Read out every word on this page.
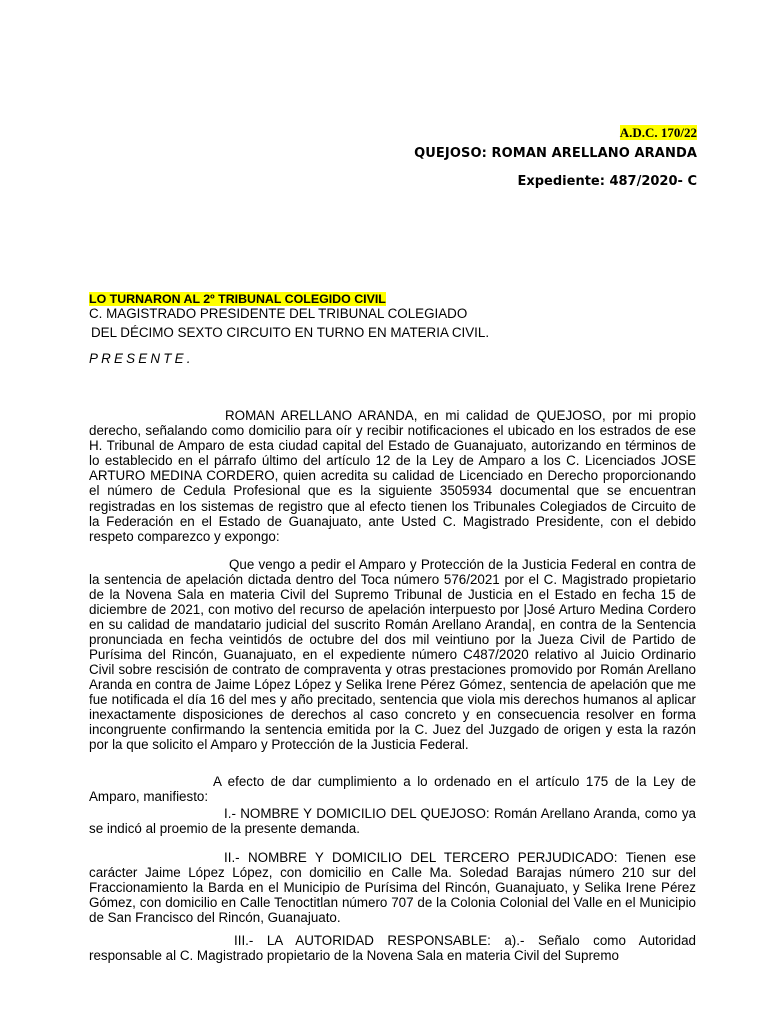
A.D.C. 170/22
QUEJOSO: ROMAN ARELLANO ARANDA
Expediente: 487/2020- C
LO TURNARON AL 2º TRIBUNAL COLEGIDO CIVIL
C. MAGISTRADO PRESIDENTE DEL TRIBUNAL COLEGIADO
DEL DÉCIMO SEXTO CIRCUITO EN TURNO EN MATERIA CIVIL.
PRESENTE.

ROMAN ARELLANO ARANDA, en mi calidad de QUEJOSO, por mi propio derecho, señalando como domicilio para oír y recibir notificaciones el ubicado en los estrados de ese H. Tribunal de Amparo de esta ciudad capital del Estado de Guanajuato, autorizando en términos de lo establecido en el párrafo último del artículo 12 de la Ley de Amparo a los C. Licenciados JOSE ARTURO MEDINA CORDERO, quien acredita su calidad de Licenciado en Derecho proporcionando el número de Cedula Profesional que es la siguiente 3505934 documental que se encuentran registradas en los sistemas de registro que al efecto tienen los Tribunales Colegiados de Circuito de la Federación en el Estado de Guanajuato, ante Usted C. Magistrado Presidente, con el debido respeto comparezco y expongo:

Que vengo a pedir el Amparo y Protección de la Justicia Federal en contra de la sentencia de apelación dictada dentro del Toca número 576/2021 por el C. Magistrado propietario de la Novena Sala en materia Civil del Supremo Tribunal de Justicia en el Estado en fecha 15 de diciembre de 2021, con motivo del recurso de apelación interpuesto por |José Arturo Medina Cordero en su calidad de mandatario judicial del suscrito Román Arellano Aranda|, en contra de la Sentencia pronunciada en fecha veintidós de octubre del dos mil veintiuno por la Jueza Civil de Partido de Purísima del Rincón, Guanajuato, en el expediente número C487/2020 relativo al Juicio Ordinario Civil sobre rescisión de contrato de compraventa y otras prestaciones promovido por Román Arellano Aranda en contra de Jaime López López y Selika Irene Pérez Gómez, sentencia de apelación que me fue notificada el día 16 del mes y año precitado, sentencia que viola mis derechos humanos al aplicar inexactamente disposiciones de derechos al caso concreto y en consecuencia resolver en forma incongruente confirmando la sentencia emitida por la C. Juez del Juzgado de origen y esta la razón por la que solicito el Amparo y Protección de la Justicia Federal.

A efecto de dar cumplimiento a lo ordenado en el artículo 175 de la Ley de Amparo, manifiesto:

I.- NOMBRE Y DOMICILIO DEL QUEJOSO: Román Arellano Aranda, como ya se indicó al proemio de la presente demanda.

II.- NOMBRE Y DOMICILIO DEL TERCERO PERJUDICADO: Tienen ese carácter Jaime López López, con domicilio en Calle Ma. Soledad Barajas número 210 sur del Fraccionamiento la Barda en el Municipio de Purísima del Rincón, Guanajuato, y Selika Irene Pérez Gómez, con domicilio en Calle Tenoctitlan número 707 de la Colonia Colonial del Valle en el Municipio de San Francisco del Rincón, Guanajuato.

III.- LA AUTORIDAD RESPONSABLE: a).- Señalo como Autoridad responsable al C. Magistrado propietario de la Novena Sala en materia Civil del Supremo
